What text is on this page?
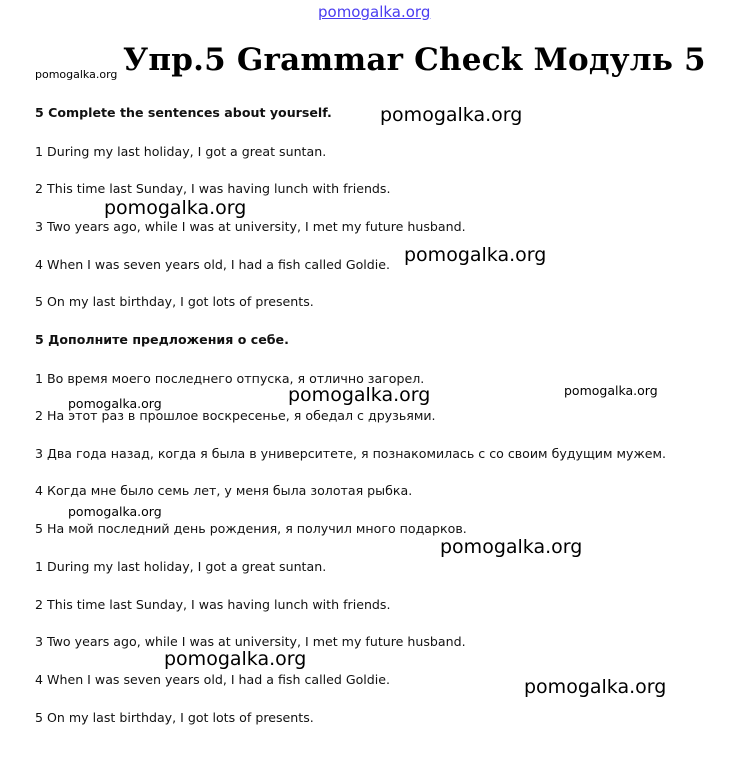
pomogalka.org
Упр.5 Grammar Check Модуль 5

5 Complete the sentences about yourself.

1 During my last holiday, I got a great suntan.

2 This time last Sunday, I was having lunch with friends.

3 Two years ago, while I was at university, I met my future husband.

4 When I was seven years old, I had a fish called Goldie.

5 On my last birthday, I got lots of presents.

5 Дополните предложения о себе.

1 Во время моего последнего отпуска, я отлично загорел.

2 На этот раз в прошлое воскресенье, я обедал с друзьями.

3 Два года назад, когда я была в университете, я познакомилась с со своим будущим мужем.

4 Когда мне было семь лет, у меня была золотая рыбка.

5 На мой последний день рождения, я получил много подарков.

1 During my last holiday, I got a great suntan.

2 This time last Sunday, I was having lunch with friends.

3 Two years ago, while I was at university, I met my future husband.

4 When I was seven years old, I had a fish called Goldie.

5 On my last birthday, I got lots of presents.

pomogalka.org
pomogalka.org
pomogalka.org
pomogalka.org
pomogalka.org	pomogalka.org
pomogalka.org
pomogalka.org
pomogalka.org
pomogalka.org
pomogalka.org
